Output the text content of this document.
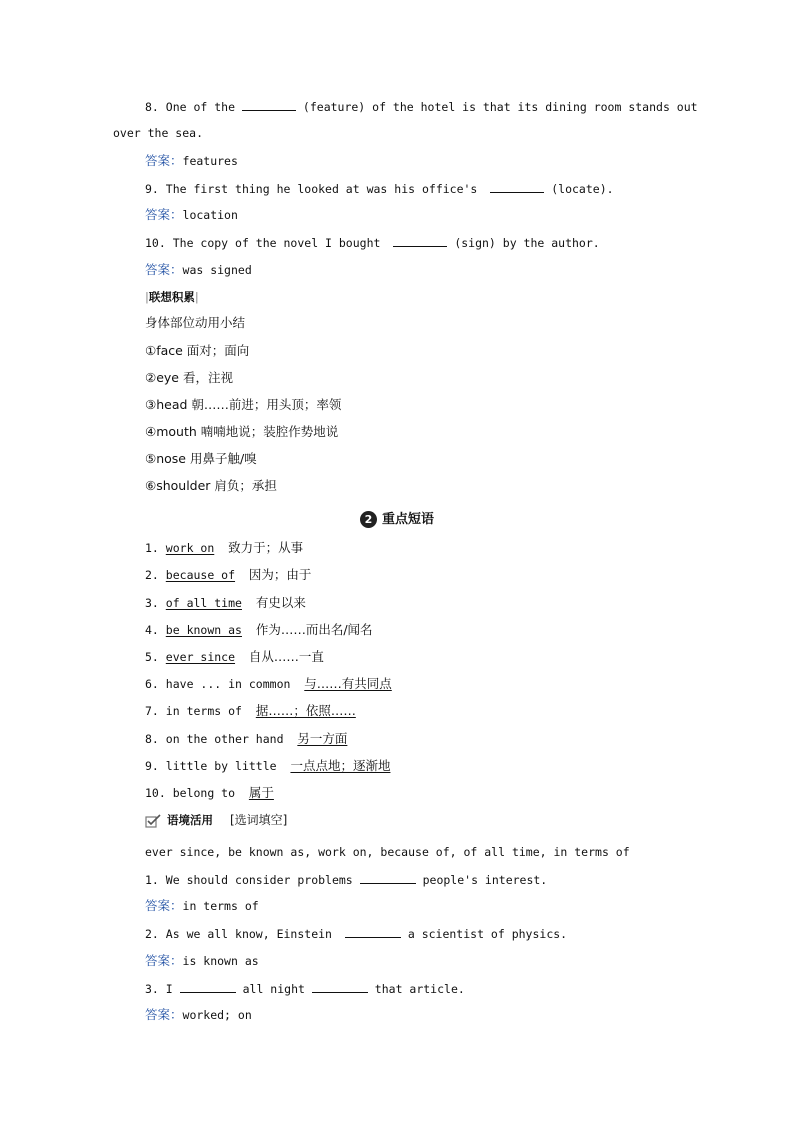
8. One of the	(feature) of the hotel is that its dining room stands out
over the sea.
答案：features
9. The first thing he looked at was his office's	(locate).
答案：location
10. The copy of the novel I bought	(sign) by the author.
答案：was signed
|联想积累|
身体部位动用小结
①face 面对；面向
②eye 看，注视
③head 朝……前进；用头顶；率领
④mouth 喃喃地说；装腔作势地说
⑤nose 用鼻子触/嗅
⑥shoulder 肩负；承担
2 重点短语
1. work on 致力于；从事
2. because of 因为；由于
3. of all time 有史以来
4. be known as 作为……而出名/闻名
5. ever since 自从……一直
6. have ... in common 与……有共同点
7. in terms of 据……；依照……
8. on the other hand 另一方面
9. little by little 一点点地；逐渐地
10. belong to 属于
语境活用 [选词填空]
ever since, be known as, work on, because of, of all time, in terms of
1. We should consider problems	people's interest.
答案：in terms of
2. As we all know, Einstein	a scientist of physics.
答案：is known as
3. I	all night	that article.
答案：worked; on
